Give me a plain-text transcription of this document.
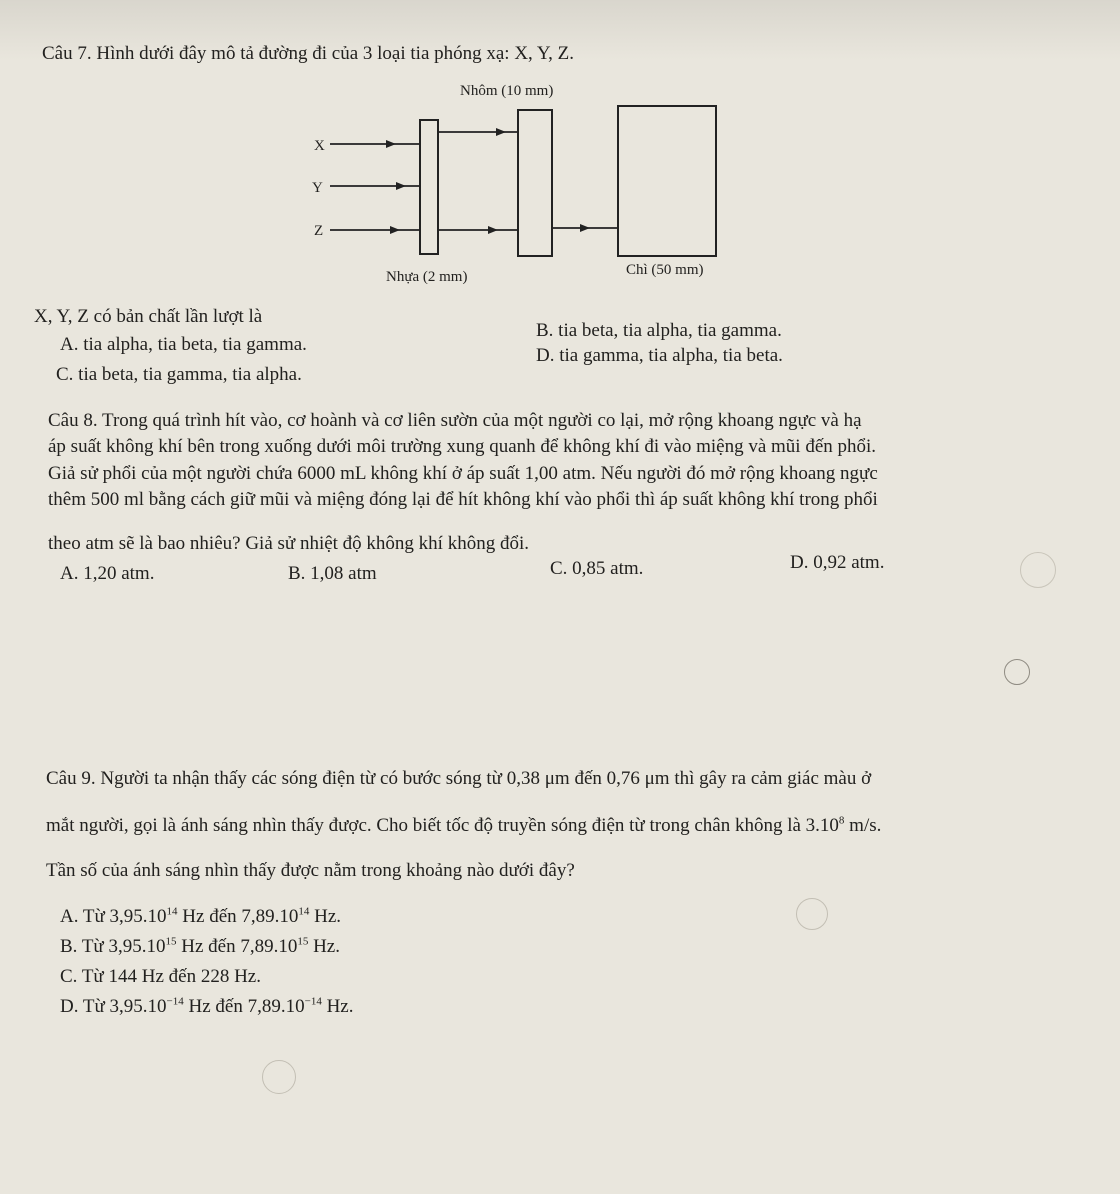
Câu 7. Hình dưới đây mô tả đường đi của 3 loại tia phóng xạ: X, Y, Z.
Nhôm (10 mm)
X
Y
Z
Nhựa (2 mm)	Chì (50 mm)
X, Y, Z có bản chất lần lượt là
A. tia alpha, tia beta, tia gamma.
B. tia beta, tia alpha, tia gamma.
C. tia beta, tia gamma, tia alpha.
D. tia gamma, tia alpha, tia beta.
Câu 8. Trong quá trình hít vào, cơ hoành và cơ liên sườn của một người co lại, mở rộng khoang ngực và hạ
áp suất không khí bên trong xuống dưới môi trường xung quanh để không khí đi vào miệng và mũi đến phổi.
Giả sử phổi của một người chứa 6000 mL không khí ở áp suất 1,00 atm. Nếu người đó mở rộng khoang ngực
thêm 500 ml bằng cách giữ mũi và miệng đóng lại để hít không khí vào phổi thì áp suất không khí trong phổi
theo atm sẽ là bao nhiêu? Giả sử nhiệt độ không khí không đổi.
A. 1,20 atm.	B. 1,08 atm	C. 0,85 atm.	D. 0,92 atm.
Câu 9. Người ta nhận thấy các sóng điện từ có bước sóng từ 0,38 μm đến 0,76 μm thì gây ra cảm giác màu ở
mắt người, gọi là ánh sáng nhìn thấy được. Cho biết tốc độ truyền sóng điện từ trong chân không là 3.10$^8$ m/s.
Tần số của ánh sáng nhìn thấy được nằm trong khoảng nào dưới đây?
A. Từ 3,95.10$^{14}$ Hz đến 7,89.10$^{14}$ Hz.
B. Từ 3,95.10$^{15}$ Hz đến 7,89.10$^{15}$ Hz.
C. Từ 144 Hz đến 228 Hz.
D. Từ $3,95.10^{-14}$ Hz đến $7,89.10^{-14}$ Hz.
